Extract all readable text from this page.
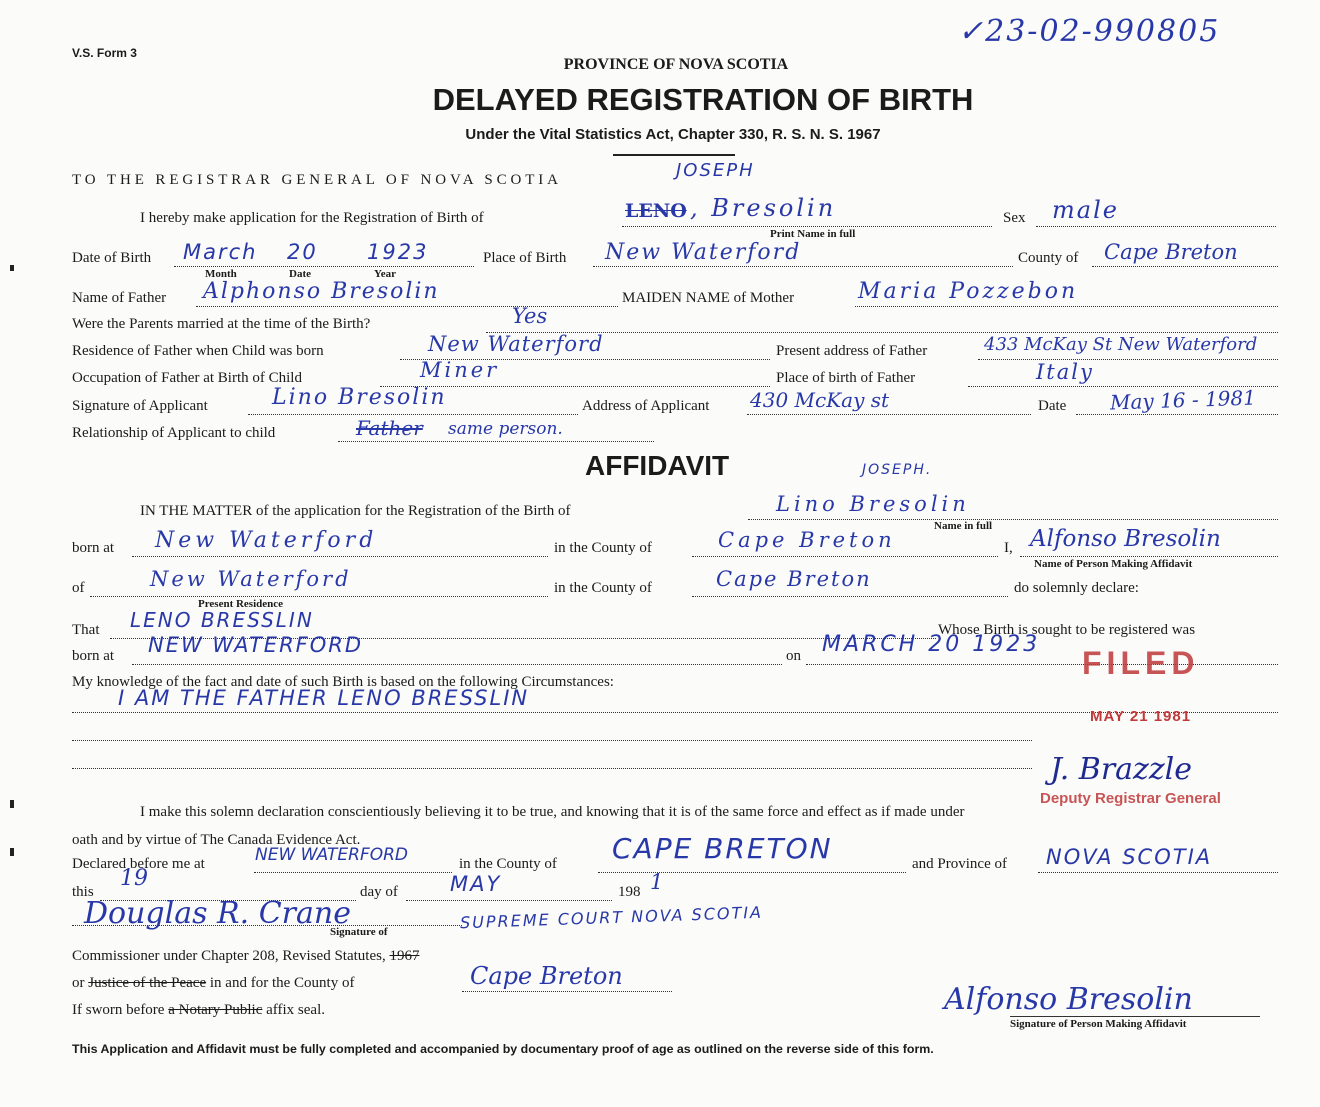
V.S. Form 3
✓23-02-990805
PROVINCE OF NOVA SCOTIA
DELAYED REGISTRATION OF BIRTH
Under the Vital Statistics Act, Chapter 330, R. S. N. S. 1967
TO THE REGISTRAR GENERAL OF NOVA SCOTIA
I hereby make application for the Registration of Birth of	LENO
JOSEPH
, Bresolin
Print Name in full
Sex male
Date of Birth March 20 1923
Month	Date	Year
Place of Birth New Waterford	County of Cape Breton
Name of Father Alphonso Bresolin	MAIDEN NAME of Mother	Maria Pozzebon
Were the Parents married at the time of the Birth?	Yes
Residence of Father when Child was born	New Waterford	Present address of Father	433 McKay St New Waterford
Occupation of Father at Birth of Child	Miner	Place of birth of Father	Italy
Signature of Applicant	Lino Bresolin	Address of Applicant 430 McKay st	Date May 16 - 1981
Relationship of Applicant to child	Father same person.
AFFIDAVIT
IN THE MATTER of the application for the Registration of the Birth of	Lino Bresolin
JOSEPH.
Name in full
born at New Waterford	in the County of	Cape Breton	I, Alfonso Bresolin
Name of Person Making Affidavit
of	New Waterford
Present Residence
in the County of	Cape Breton	do solemnly declare:
That LENO BRESSLIN	Whose Birth is sought to be registered was
born at NEW WATERFORD	on MARCH 20 1923
My knowledge of the fact and date of such Birth is based on the following Circumstances:
I AM THE FATHER LENO BRESSLIN
FILED
MAY 21 1981
J. Brazzle
Deputy Registrar General
I make this solemn declaration conscientiously believing it to be true, and knowing that it is of the same force and effect as if made under
oath and by virtue of The Canada Evidence Act.
Declared before me at	NEW WATERFORD	in the County of CAPE BRETON	and Province of NOVA SCOTIA
this
19
day of MAY	198 1
Douglas R. Crane
Signature of	SUPREME COURT NOVA SCOTIA
Commissioner under Chapter 208, Revised Statutes, 1967
or Justice of the Peace in and for the County of	Cape Breton
If sworn before a Notary Public affix seal.	Alfonso Bresolin
Signature of Person Making Affidavit
This Application and Affidavit must be fully completed and accompanied by documentary proof of age as outlined on the reverse side of this form.
